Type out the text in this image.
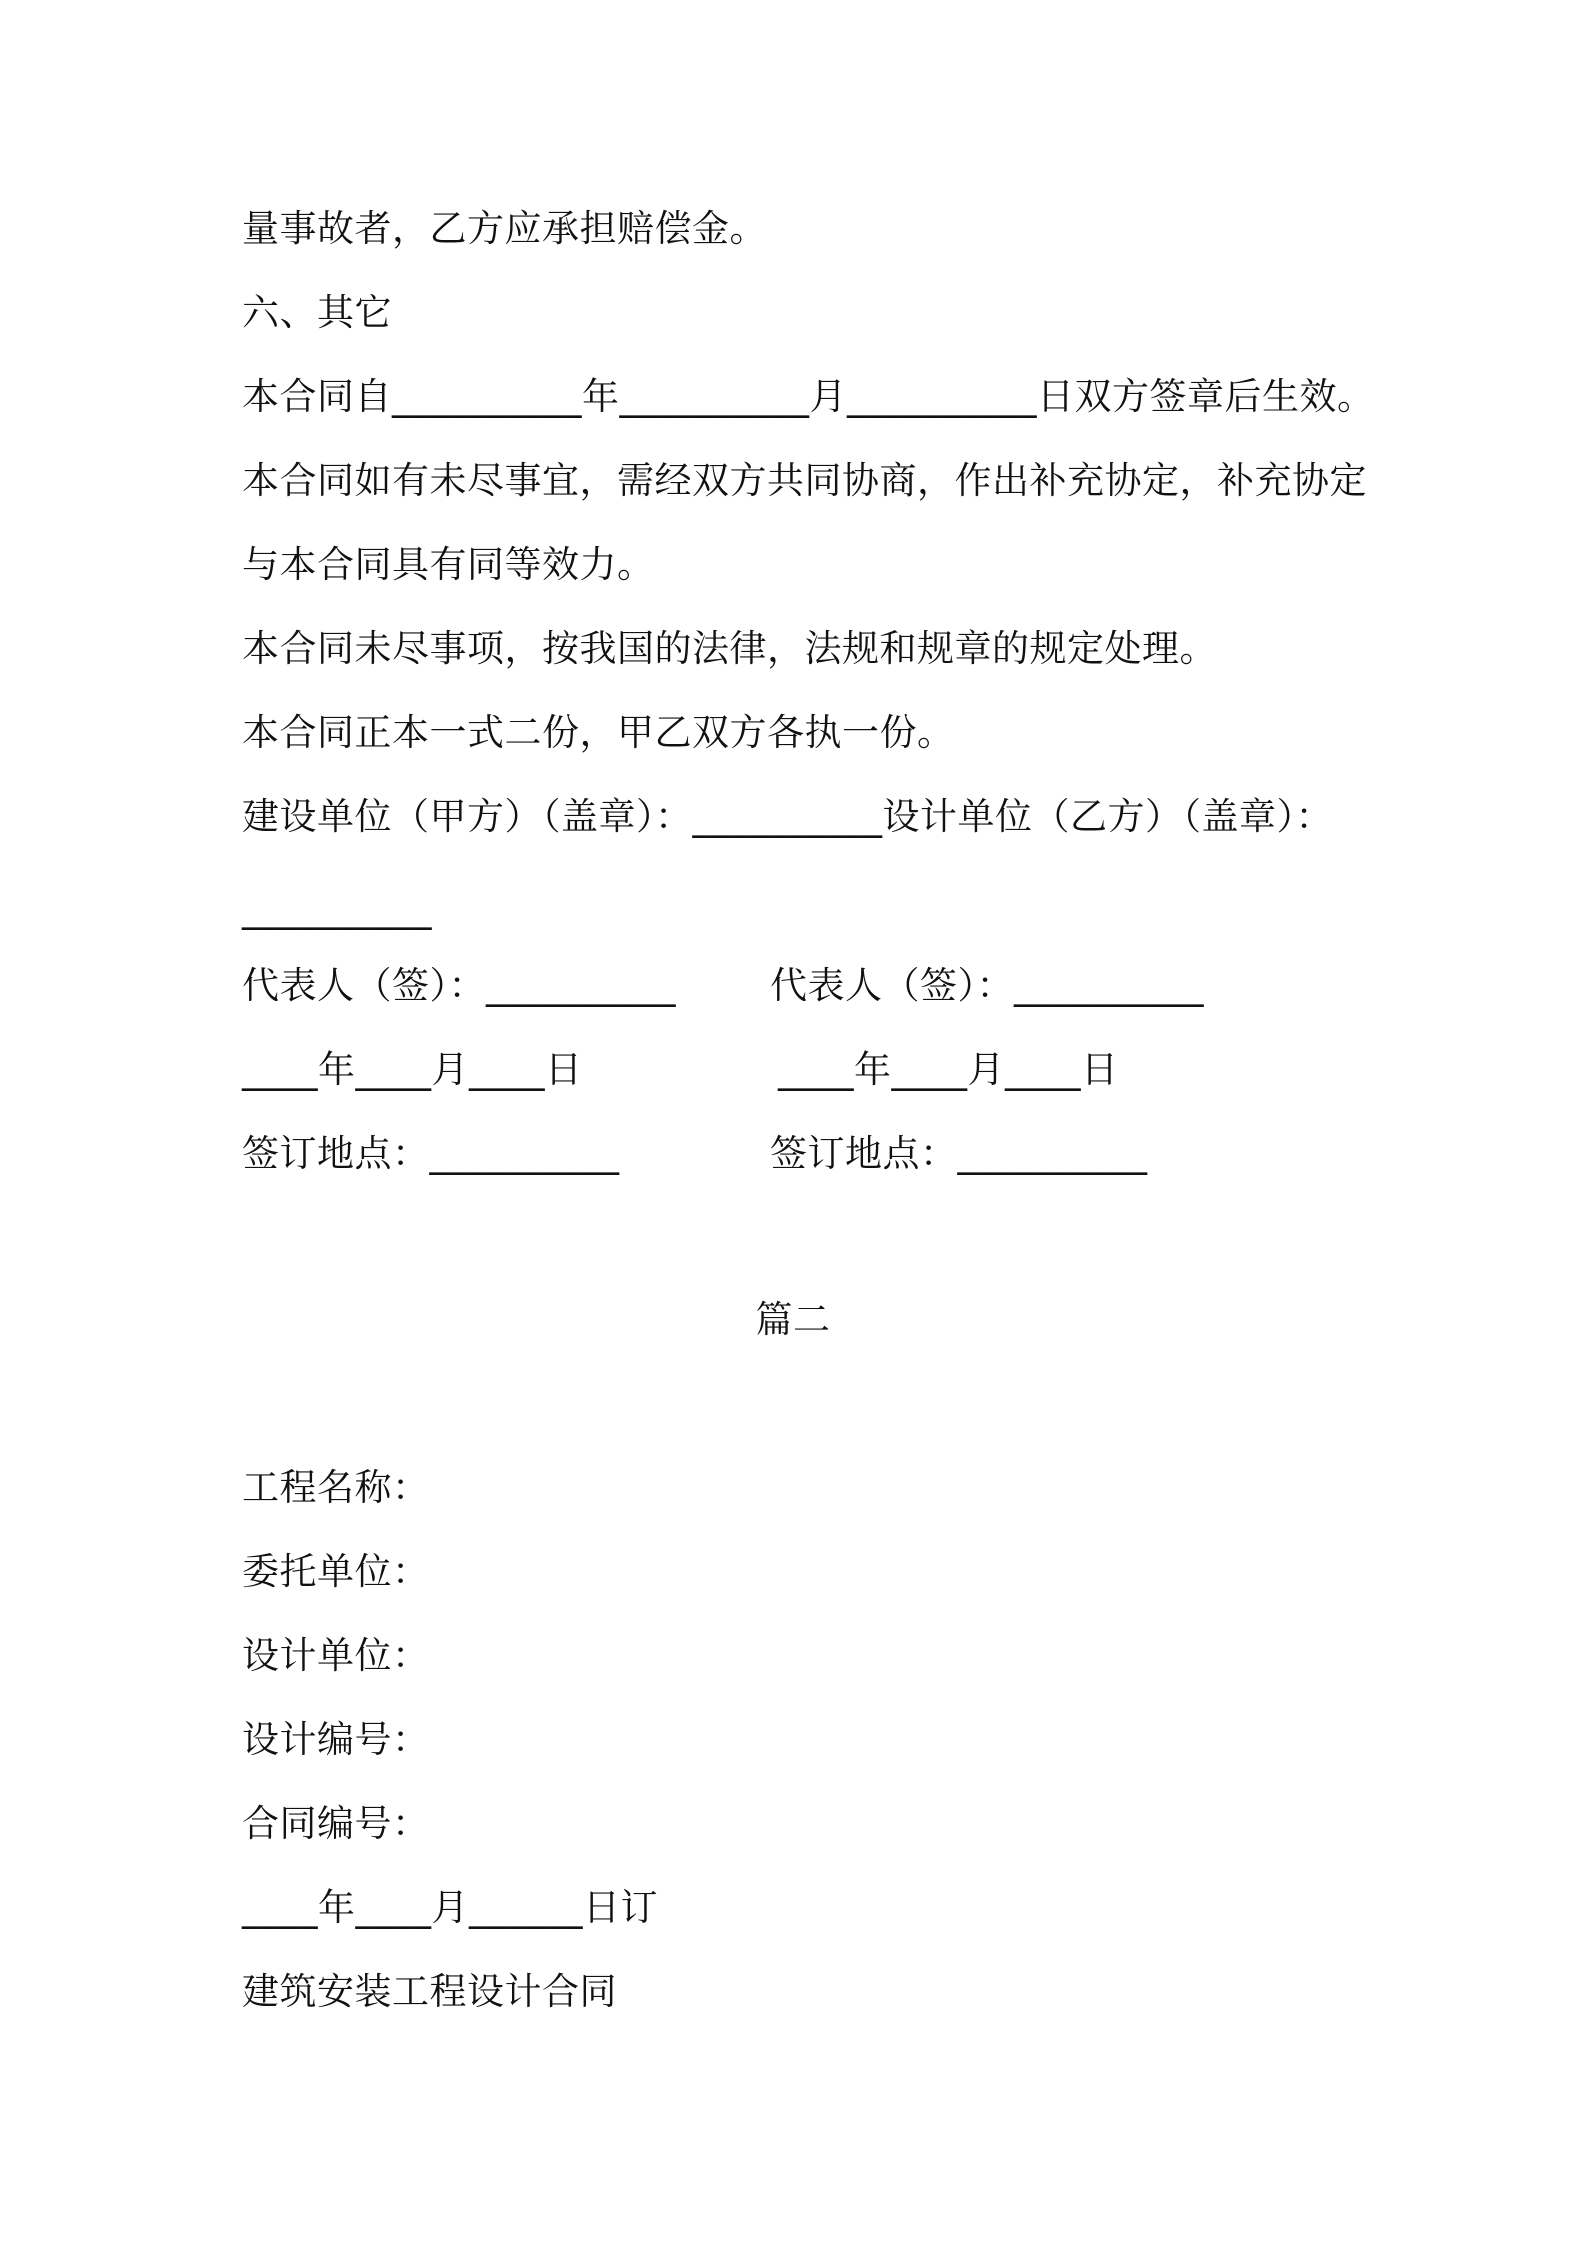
量事故者，乙方应承担赔偿金。
六、其它
本合同自__________年__________月__________日双方签章后生效。
本合同如有未尽事宜，需经双方共同协商，作出补充协定，补充协定
与本合同具有同等效力。
本合同未尽事项，按我国的法律，法规和规章的规定处理。
本合同正本一式二份，甲乙双方各执一份。
建设单位（甲方）（盖章）：__________设计单位（乙方）（盖章）：
__________
代表人（签）：__________	代表人（签）：__________
____年____月____日	____年____月____日
签订地点：__________	签订地点：__________
篇二
工程名称：
委托单位：
设计单位：
设计编号：
合同编号：
____年____月______日订
建筑安装工程设计合同
